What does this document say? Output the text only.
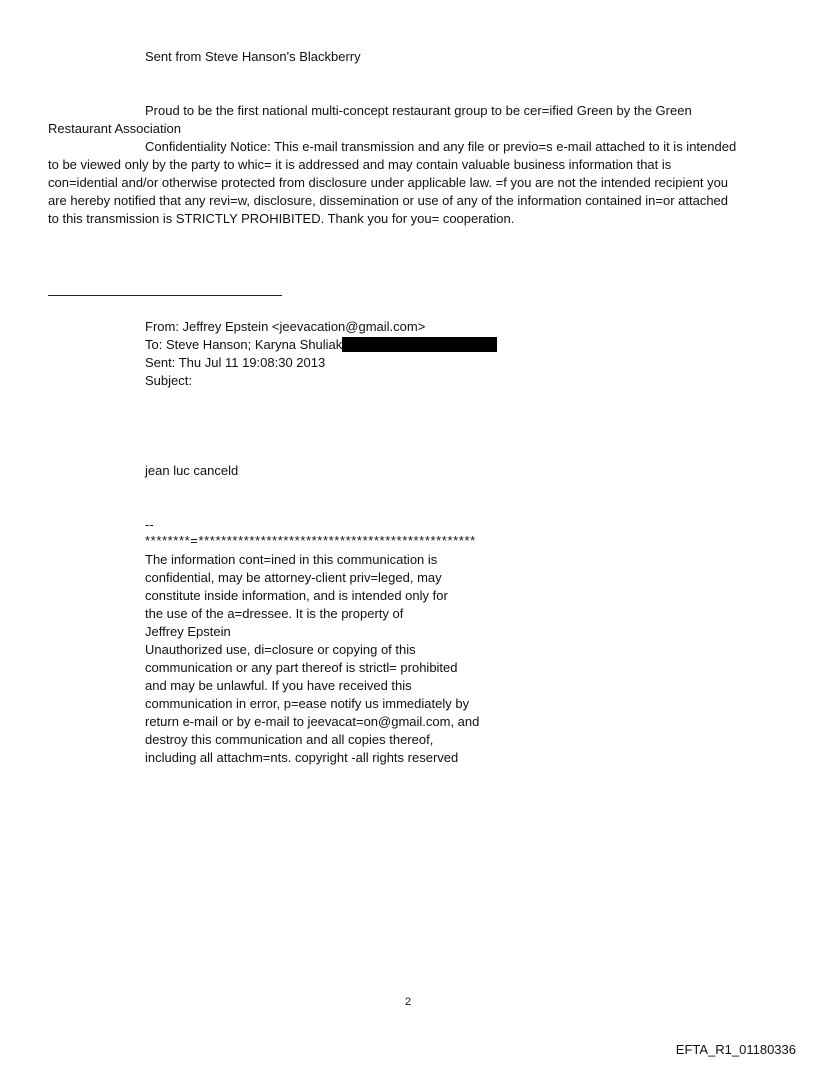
Sent from Steve Hanson's Blackberry
Proud to be the first national multi-concept restaurant group to be cer=ified Green by the Green
Restaurant Association
Confidentiality Notice: This e-mail transmission and any file or previo=s e-mail attached to it is intended
to be viewed only by the party to whic= it is addressed and may contain valuable business information that is
con=idential and/or otherwise protected from disclosure under applicable law. =f you are not the intended recipient you
are hereby notified that any revi=w, disclosure, dissemination or use of any of the information contained in=or attached
to this transmission is STRICTLY PROHIBITED. Thank you for you= cooperation.
From: Jeffrey Epstein <jeevacation@gmail.com>
To: Steve Hanson; Karyna Shuliak
Sent: Thu Jul 11 19:08:30 2013
Subject:
jean luc canceld
--
********=*************************************************
The information cont=ined in this communication is
confidential, may be attorney-client priv=leged, may
constitute inside information, and is intended only for
the use of the a=dressee. It is the property of
Jeffrey Epstein
Unauthorized use, di=closure or copying of this
communication or any part thereof is strictl= prohibited
and may be unlawful. If you have received this
communication in error, p=ease notify us immediately by
return e-mail or by e-mail to jeevacat=on@gmail.com, and
destroy this communication and all copies thereof,
including all attachm=nts. copyright -all rights reserved
2
EFTA_R1_01180336
